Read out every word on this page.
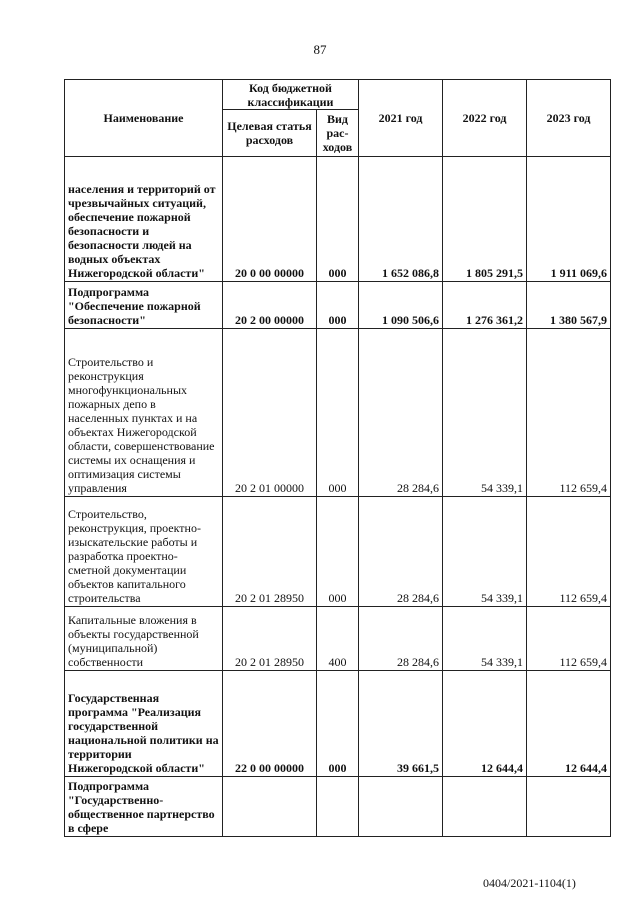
87
Наименование	Код бюджетной классификации		2021 год	2022 год	2023 год
	Целевая статья расходов	Вид рас-ходов			
населения и территорий от чрезвычайных ситуаций, обеспечение пожарной безопасности и безопасности людей на водных объектах Нижегородской области"	20 0 00 00000	000	1 652 086,8	1 805 291,5	1 911 069,6
Подпрограмма "Обеспечение пожарной безопасности"	20 2 00 00000	000	1 090 506,6	1 276 361,2	1 380 567,9
Строительство и реконструкция многофункциональных пожарных депо в населенных пунктах и на объектах Нижегородской области, совершенствование системы их оснащения и оптимизация системы управления	20 2 01 00000	000	28 284,6	54 339,1	112 659,4
Строительство, реконструкция, проектно-изыскательские работы и разработка проектно-сметной документации объектов капитального строительства	20 2 01 28950	000	28 284,6	54 339,1	112 659,4
Капитальные вложения в объекты государственной (муниципальной) собственности	20 2 01 28950	400	28 284,6	54 339,1	112 659,4
Государственная программа "Реализация государственной национальной политики на территории Нижегородской области"	22 0 00 00000	000	39 661,5	12 644,4	12 644,4
Подпрограмма "Государственно-общественное партнерство в сфере					
0404/2021-1104(1)
